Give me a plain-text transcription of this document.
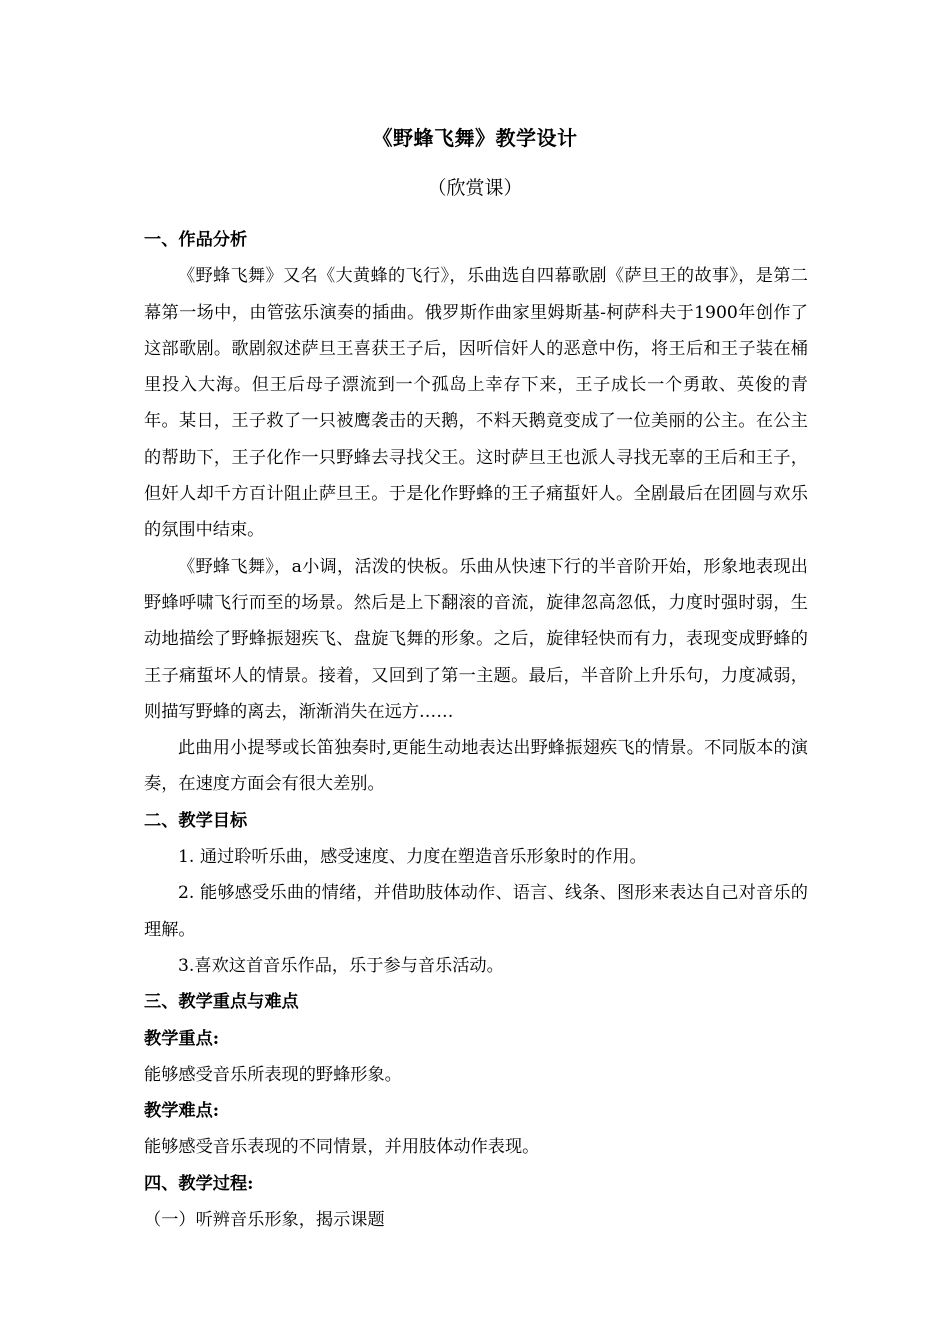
《野蜂飞舞》教学设计
（欣赏课）

一、作品分析

《野蜂飞舞》又名《大黄蜂的飞行》，乐曲选自四幕歌剧《萨旦王的故事》，是第二幕第一场中，由管弦乐演奏的插曲。俄罗斯作曲家里姆斯基-柯萨科夫于1900年创作了这部歌剧。歌剧叙述萨旦王喜获王子后，因听信奸人的恶意中伤，将王后和王子装在桶里投入大海。但王后母子漂流到一个孤岛上幸存下来，王子成长一个勇敢、英俊的青年。某日，王子救了一只被鹰袭击的天鹅，不料天鹅竟变成了一位美丽的公主。在公主的帮助下，王子化作一只野蜂去寻找父王。这时萨旦王也派人寻找无辜的王后和王子，但奸人却千方百计阻止萨旦王。于是化作野蜂的王子痛蜇奸人。全剧最后在团圆与欢乐的氛围中结束。

《野蜂飞舞》，a小调，活泼的快板。乐曲从快速下行的半音阶开始，形象地表现出野蜂呼啸飞行而至的场景。然后是上下翻滚的音流，旋律忽高忽低，力度时强时弱，生动地描绘了野蜂振翅疾飞、盘旋飞舞的形象。之后，旋律轻快而有力，表现变成野蜂的王子痛蜇坏人的情景。接着，又回到了第一主题。最后，半音阶上升乐句，力度减弱，则描写野蜂的离去，渐渐消失在远方……

此曲用小提琴或长笛独奏时,更能生动地表达出野蜂振翅疾飞的情景。不同版本的演奏，在速度方面会有很大差别。

二、教学目标

1. 通过聆听乐曲，感受速度、力度在塑造音乐形象时的作用。

2. 能够感受乐曲的情绪，并借助肢体动作、语言、线条、图形来表达自己对音乐的理解。

3.喜欢这首音乐作品，乐于参与音乐活动。

三、教学重点与难点

教学重点:

能够感受音乐所表现的野蜂形象。

教学难点:

能够感受音乐表现的不同情景，并用肢体动作表现。

四、教学过程:

（一）听辨音乐形象，揭示课题
